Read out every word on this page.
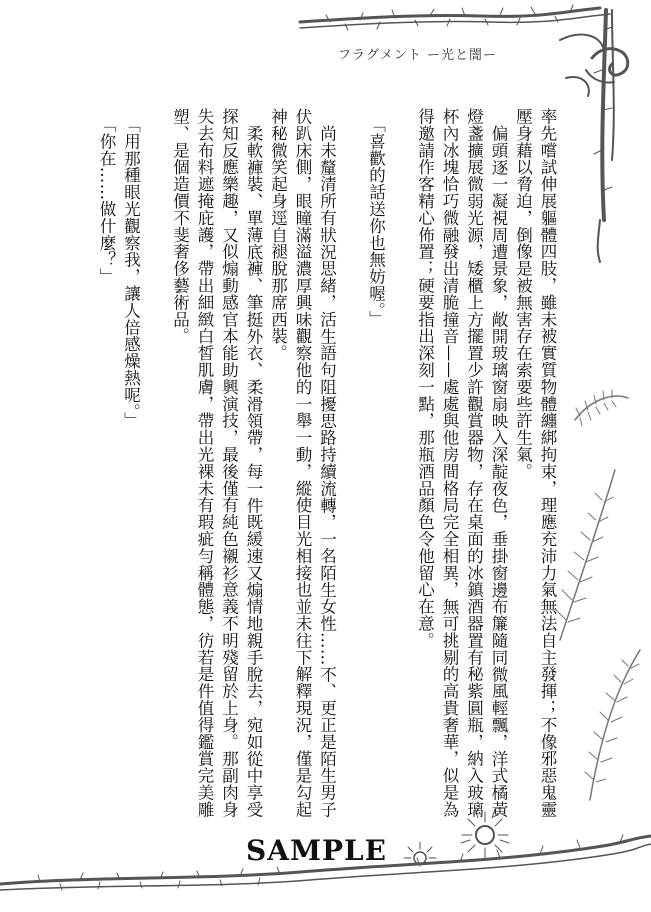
フラグメント ー光と闇ー

率先嚐試伸展軀體四肢，雖未被實質物體纏綁拘束，理應充沛力氣無法自主發揮；不像邪惡鬼靈壓身藉以脅迫，倒像是被無害存在索要些許生氣。

偏頭逐一凝視周遭景象，敞開玻璃窗扇映入深靛夜色，垂掛窗邊布簾隨同微風輕飄，洋式橘黃燈盞擴展微弱光源，矮櫃上方擺置少許觀賞器物，存在桌面的冰鎮酒器置有秘紫圓瓶，納入玻璃杯內冰塊恰巧微融發出清脆撞音——處處與他房間格局完全相異，無可挑剔的高貴奢華，似是為得邀請作客精心佈置；硬要指出深刻一點，那瓶酒品顏色令他留心在意。

「喜歡的話送你也無妨喔。」

尚未釐清所有狀況思緒，活生語句阻擾思路持續流轉，一名陌生女性……不、更正是陌生男子伏趴床側，眼瞳滿溢濃厚興味觀察他的一舉一動，縱使目光相接也並未往下解釋現況，僅是勾起神秘微笑起身逕自褪脫那席西裝。

柔軟褲裝、單薄底褲、筆挺外衣、柔滑領帶，每一件既緩速又煽情地親手脫去，宛如從中享受探知反應樂趣，又似煽動感官本能助興演技，最後僅有純色襯衫意義不明殘留於上身。那副肉身失去布料遮掩庇護，帶出細緻白皙肌膚，帶出光裸未有瑕疵勻稱體態，彷若是件值得鑑賞完美雕塑、是個造價不斐奢侈藝術品。

「用那種眼光觀察我，讓人倍感燥熱呢。」

「你在……做什麼？」

SAMPLE
